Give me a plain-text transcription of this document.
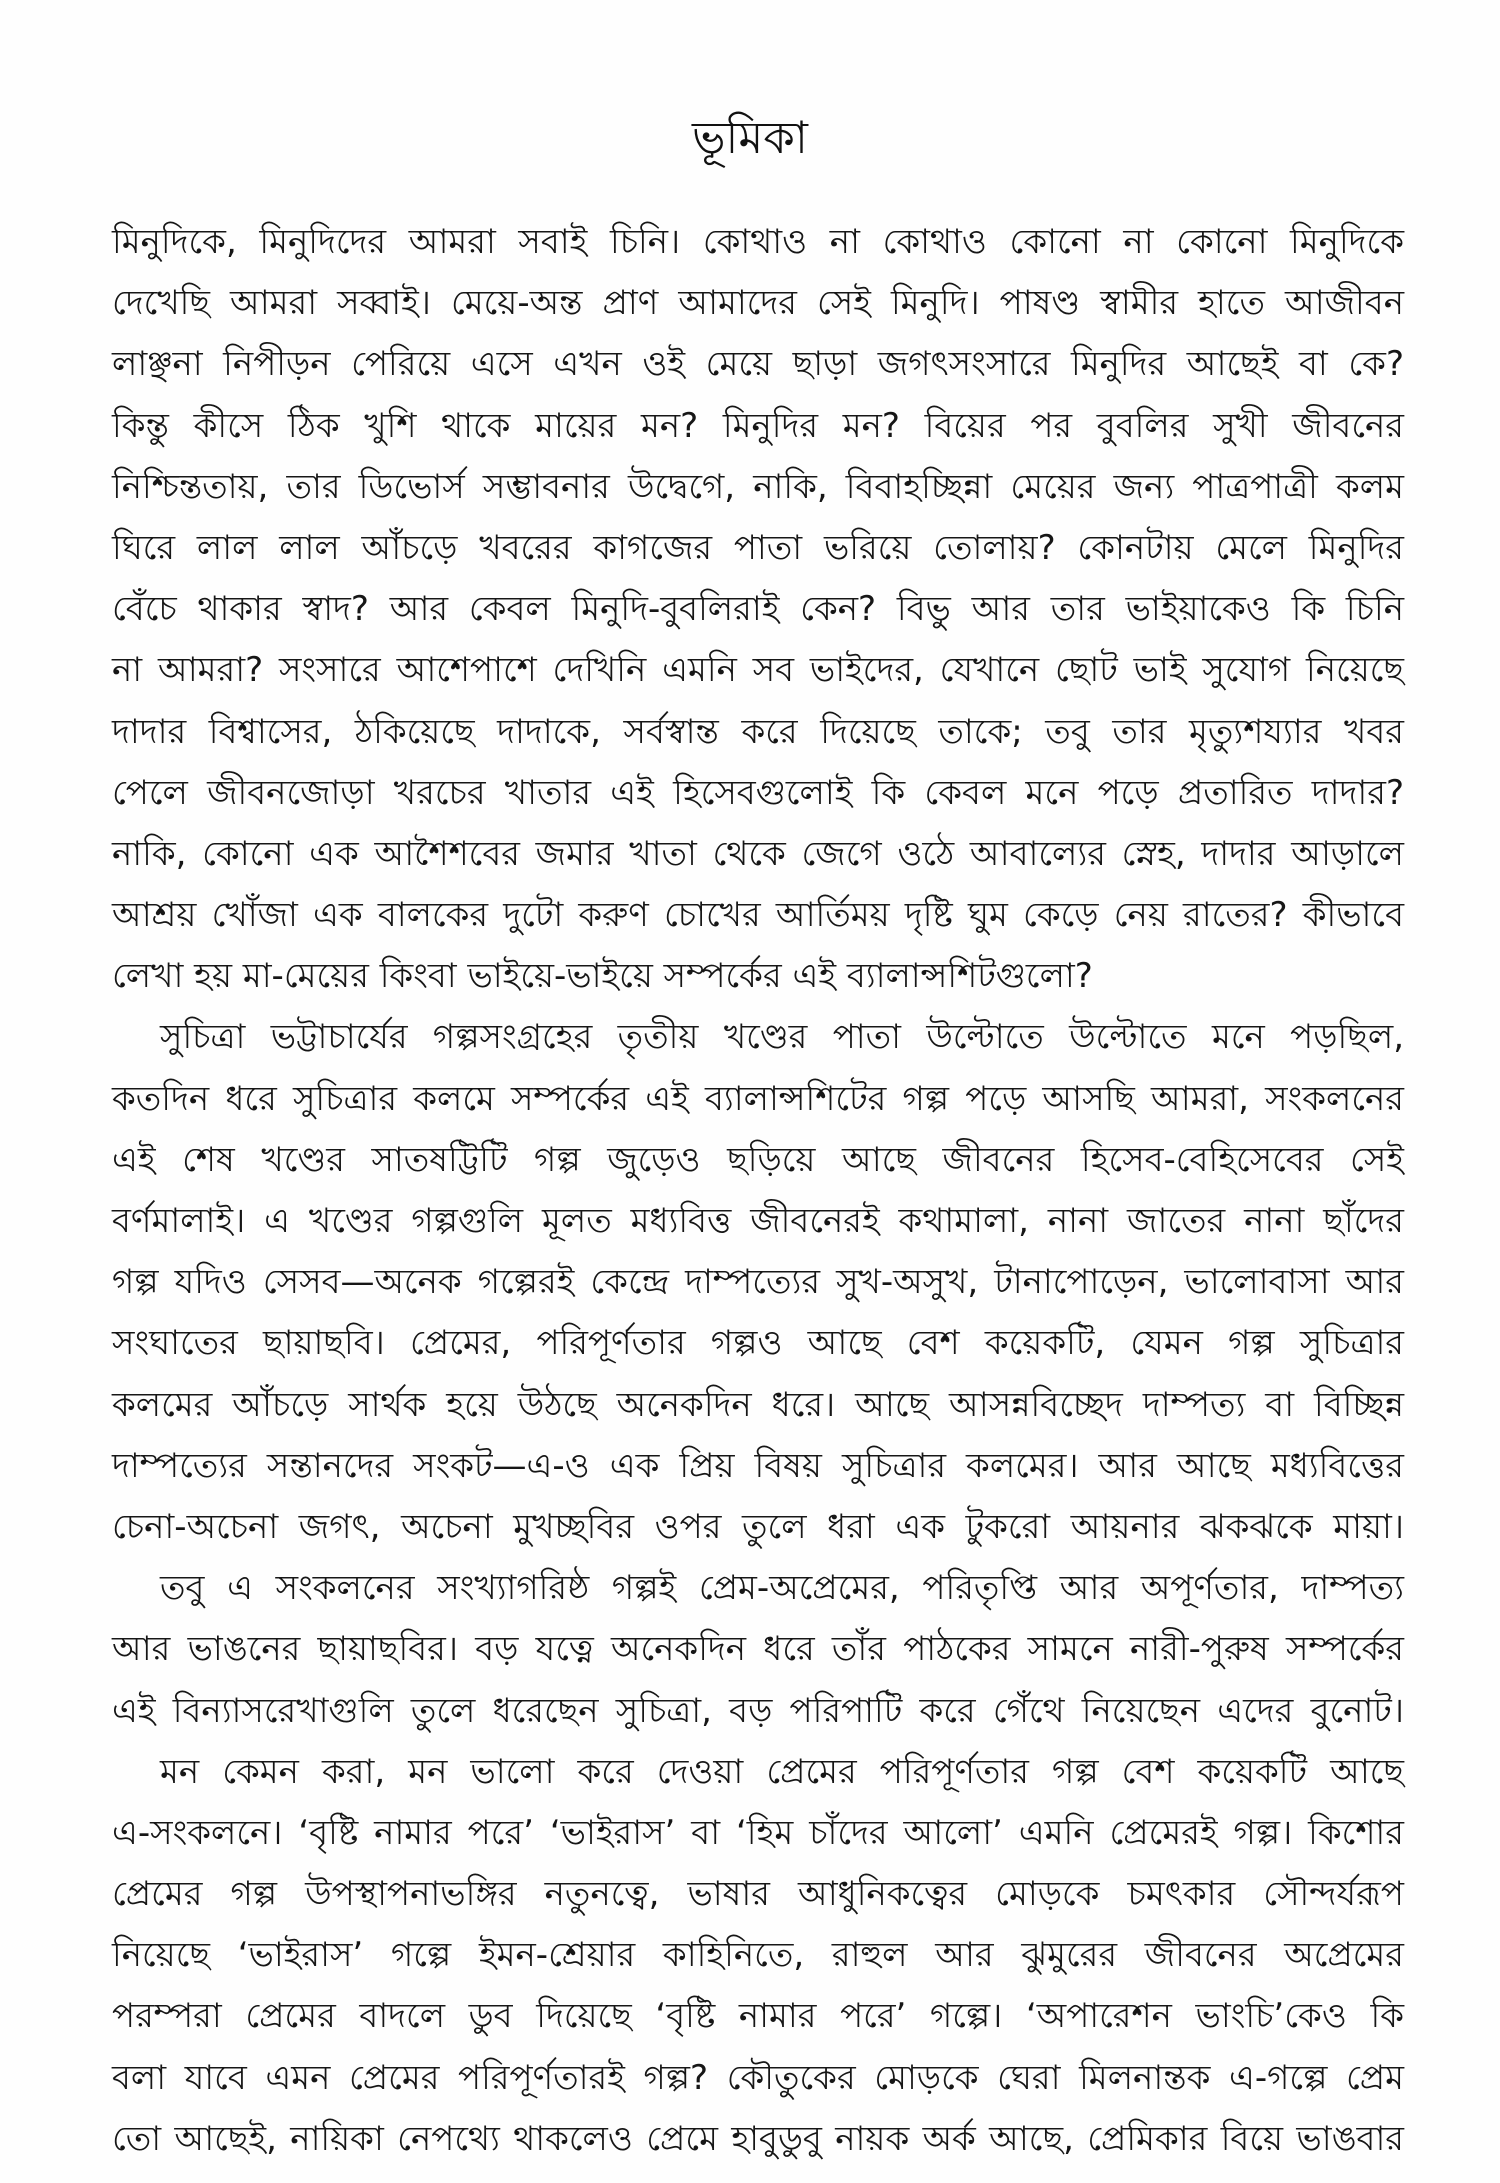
ভূমিকা
মিনুদিকে, মিনুদিদের আমরা সবাই চিনি। কোথাও না কোথাও কোনো না কোনো মিনুদিকে
দেখেছি আমরা সব্বাই। মেয়ে-অন্ত প্রাণ আমাদের সেই মিনুদি। পাষণ্ড স্বামীর হাতে আজীবন
লাঞ্ছনা নিপীড়ন পেরিয়ে এসে এখন ওই মেয়ে ছাড়া জগৎসংসারে মিনুদির আছেই বা কে?
কিন্তু কীসে ঠিক খুশি থাকে মায়ের মন? মিনুদির মন? বিয়ের পর বুবলির সুখী জীবনের
নিশ্চিন্ততায়, তার ডিভোর্স সম্ভাবনার উদ্বেগে, নাকি, বিবাহচ্ছিন্না মেয়ের জন্য পাত্রপাত্রী কলম
ঘিরে লাল লাল আঁচড়ে খবরের কাগজের পাতা ভরিয়ে তোলায়? কোনটায় মেলে মিনুদির
বেঁচে থাকার স্বাদ? আর কেবল মিনুদি-বুবলিরাই কেন? বিভু আর তার ভাইয়াকেও কি চিনি
না আমরা? সংসারে আশেপাশে দেখিনি এমনি সব ভাইদের, যেখানে ছোট ভাই সুযোগ নিয়েছে
দাদার বিশ্বাসের, ঠকিয়েছে দাদাকে, সর্বস্বান্ত করে দিয়েছে তাকে; তবু তার মৃত্যুশয্যার খবর
পেলে জীবনজোড়া খরচের খাতার এই হিসেবগুলোই কি কেবল মনে পড়ে প্রতারিত দাদার?
নাকি, কোনো এক আশৈশবের জমার খাতা থেকে জেগে ওঠে আবাল্যের স্নেহ, দাদার আড়ালে
আশ্রয় খোঁজা এক বালকের দুটো করুণ চোখের আর্তিময় দৃষ্টি ঘুম কেড়ে নেয় রাতের? কীভাবে
লেখা হয় মা-মেয়ের কিংবা ভাইয়ে-ভাইয়ে সম্পর্কের এই ব্যালান্সশিটগুলো?
সুচিত্রা ভট্টাচার্যের গল্পসংগ্রহের তৃতীয় খণ্ডের পাতা উল্টোতে উল্টোতে মনে পড়ছিল,
কতদিন ধরে সুচিত্রার কলমে সম্পর্কের এই ব্যালান্সশিটের গল্প পড়ে আসছি আমরা, সংকলনের
এই শেষ খণ্ডের সাতষট্টিটি গল্প জুড়েও ছড়িয়ে আছে জীবনের হিসেব-বেহিসেবের সেই
বর্ণমালাই। এ খণ্ডের গল্পগুলি মূলত মধ্যবিত্ত জীবনেরই কথামালা, নানা জাতের নানা ছাঁদের
গল্প যদিও সেসব—অনেক গল্পেরই কেন্দ্রে দাম্পত্যের সুখ-অসুখ, টানাপোড়েন, ভালোবাসা আর
সংঘাতের ছায়াছবি। প্রেমের, পরিপূর্ণতার গল্পও আছে বেশ কয়েকটি, যেমন গল্প সুচিত্রার
কলমের আঁচড়ে সার্থক হয়ে উঠছে অনেকদিন ধরে। আছে আসন্নবিচ্ছেদ দাম্পত্য বা বিচ্ছিন্ন
দাম্পত্যের সন্তানদের সংকট—এ-ও এক প্রিয় বিষয় সুচিত্রার কলমের। আর আছে মধ্যবিত্তের
চেনা-অচেনা জগৎ, অচেনা মুখচ্ছবির ওপর তুলে ধরা এক টুকরো আয়নার ঝকঝকে মায়া।
তবু এ সংকলনের সংখ্যাগরিষ্ঠ গল্পই প্রেম-অপ্রেমের, পরিতৃপ্তি আর অপূর্ণতার, দাম্পত্য
আর ভাঙনের ছায়াছবির। বড় যত্নে অনেকদিন ধরে তাঁর পাঠকের সামনে নারী-পুরুষ সম্পর্কের
এই বিন্যাসরেখাগুলি তুলে ধরেছেন সুচিত্রা, বড় পরিপাটি করে গেঁথে নিয়েছেন এদের বুনোট।
মন কেমন করা, মন ভালো করে দেওয়া প্রেমের পরিপূর্ণতার গল্প বেশ কয়েকটি আছে
এ-সংকলনে। ‘বৃষ্টি নামার পরে’ ‘ভাইরাস’ বা ‘হিম চাঁদের আলো’ এমনি প্রেমেরই গল্প। কিশোর
প্রেমের গল্প উপস্থাপনাভঙ্গির নতুনত্বে, ভাষার আধুনিকত্বের মোড়কে চমৎকার সৌন্দর্যরূপ
নিয়েছে ‘ভাইরাস’ গল্পে ইমন-শ্রেয়ার কাহিনিতে, রাহুল আর ঝুমুরের জীবনের অপ্রেমের
পরম্পরা প্রেমের বাদলে ডুব দিয়েছে ‘বৃষ্টি নামার পরে’ গল্পে। ‘অপারেশন ভাংচি’কেও কি
বলা যাবে এমন প্রেমের পরিপূর্ণতারই গল্প? কৌতুকের মোড়কে ঘেরা মিলনান্তক এ-গল্পে প্রেম
তো আছেই, নায়িকা নেপথ্যে থাকলেও প্রেমে হাবুডুবু নায়ক অর্ক আছে, প্রেমিকার বিয়ে ভাঙবার
